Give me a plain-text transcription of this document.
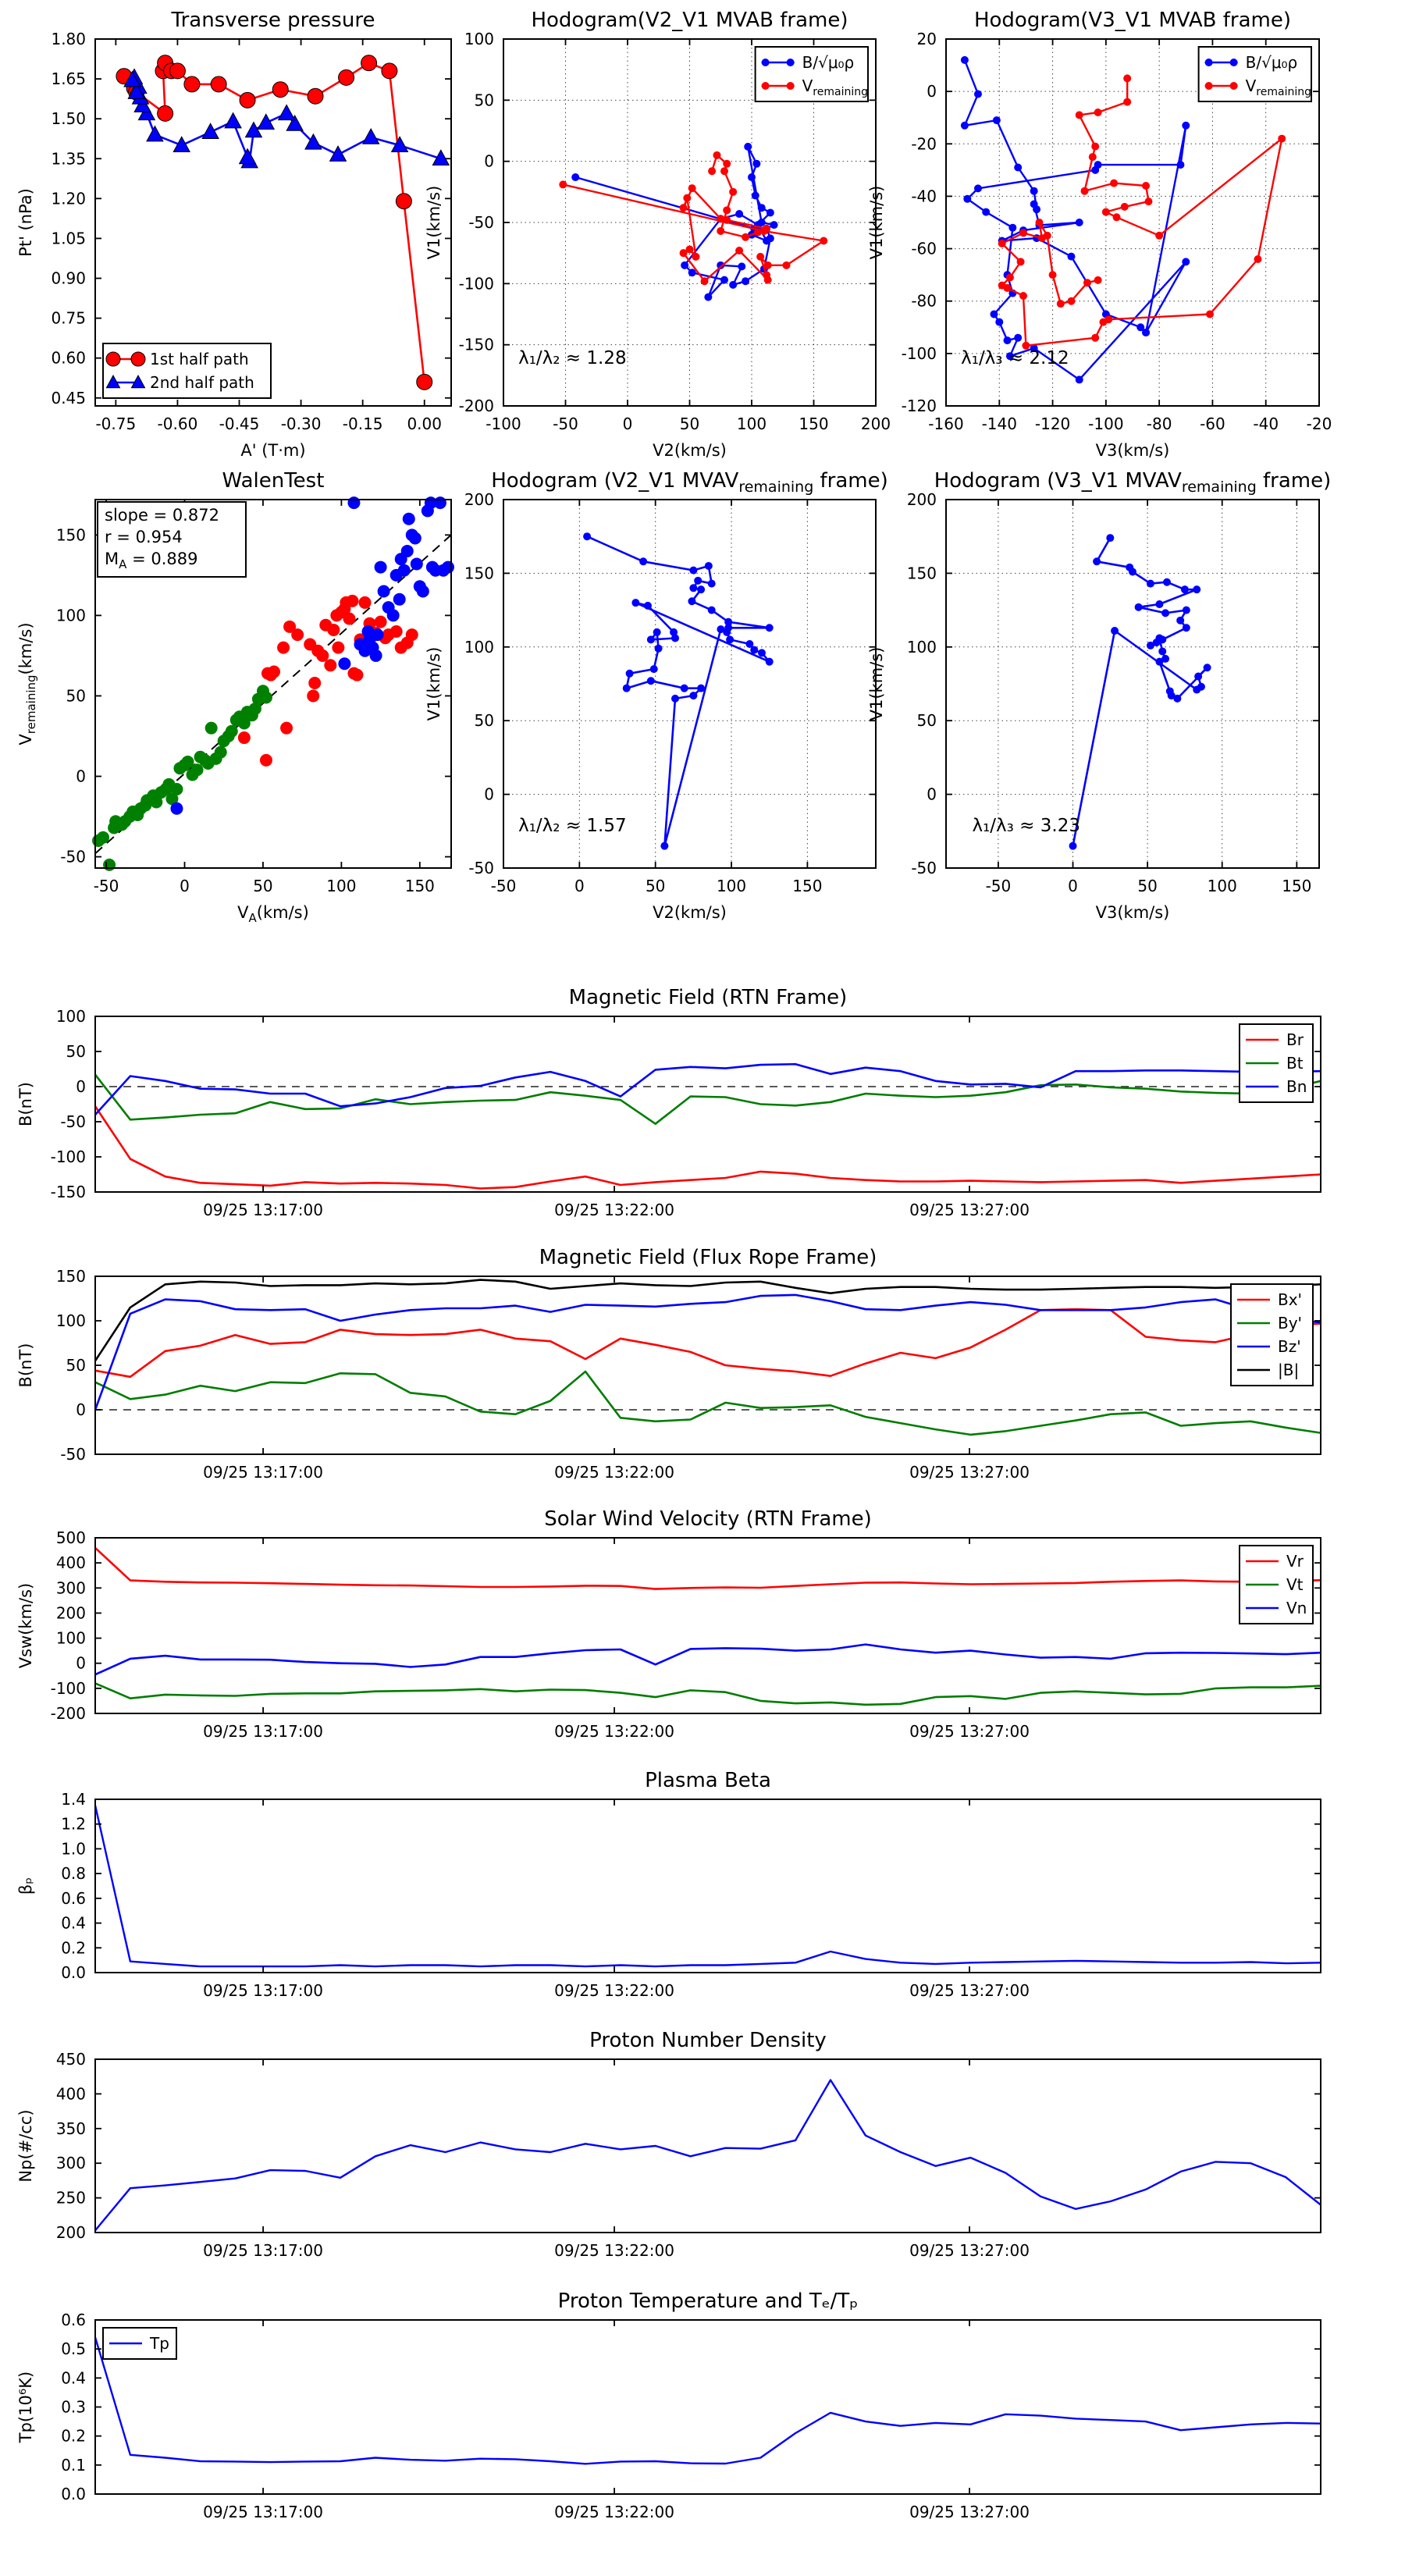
-0.75 -0.60 -0.45 -0.30 -0.15 0.00
0.45
0.60
0.75
0.90
1.05
1.20
1.35
1.50
1.65
1.80
Transverse pressure
A' (T·m)
Pt' (nPa)
1st half path
2nd half path
-100 -50	0	50 100 150 200
-200
-150
-100
-50
0
50
100
Hodogram(V2_V1 MVAB frame)
V2(km/s)
V1(km/s)
B/√μ₀ρ
$V_{remaining}$
λ₁/λ₂ ≈ 1.28
-160 -140 -120 -100 -80 -60 -40 -20
-120
-100
-80
-60
-40
-20
0
20
Hodogram(V3_V1 MVAB frame)
V3(km/s)
V1(km/s)
B/√μ₀ρ
$V_{remaining}$
λ₁/λ₃ ≈ 2.12
-50	0	50	100	150
-50
0
50
100
150
WalenTest
$V_A(km/s)$
$V_{remaining}(km/s)$
slope = 0.872
r = 0.954
$M_A = 0.889$
-50	0	50	100	150
-50
0
50
100
150
200
Hodogram (V2_V1 $MVAV_{remaining}$ frame)
V2(km/s)
V1(km/s)
λ₁/λ₂ ≈ 1.57
-50	0	50	100	150
-50
0
50
100
150
200
Hodogram (V3_V1 $MVAV_{remaining}$ frame)
V3(km/s)
V1(km/s)
λ₁/λ₃ ≈ 3.23
09/25 13:17:00	09/25 13:22:00	09/25 13:27:00
-150
-100
-50
0
50
100
Magnetic Field (RTN Frame)
B(nT)
Br
Bt
Bn
09/25 13:17:00	09/25 13:22:00	09/25 13:27:00
-50
0
50
100
150
Magnetic Field (Flux Rope Frame)
B(nT)
Bx'
By'
Bz'
|B|
09/25 13:17:00	09/25 13:22:00	09/25 13:27:00
-200
-100
0
100
200
300
400
500
Solar Wind Velocity (RTN Frame)
Vsw(km/s)
Vr
Vt
Vn
09/25 13:17:00	09/25 13:22:00	09/25 13:27:00
0.0
0.2
0.4
0.6
0.8
1.0
1.2
1.4
Plasma Beta
βₚ
09/25 13:17:00	09/25 13:22:00	09/25 13:27:00
200
250
300
350
400
450
Proton Number Density
Np(#/cc)
09/25 13:17:00	09/25 13:22:00	09/25 13:27:00
0.0
0.1
0.2
0.3
0.4
0.5
0.6
Proton Temperature and Tₑ/Tₚ
Tp(10⁶K)
Tp
